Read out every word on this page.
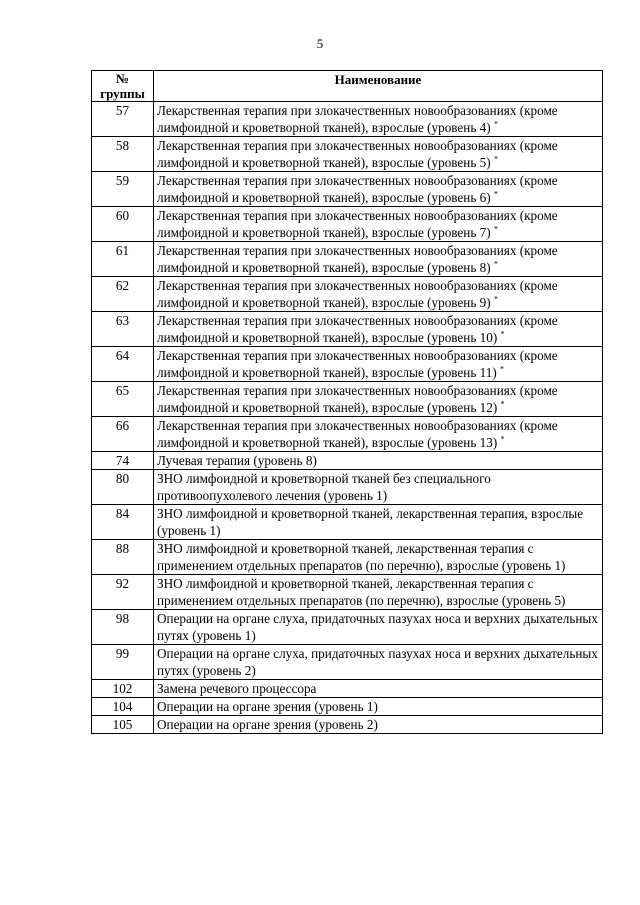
5
№
группы	Наименование
57	Лекарственная терапия при злокачественных новообразованиях (кроме лимфоидной и кроветворной тканей), взрослые (уровень 4) *
58	Лекарственная терапия при злокачественных новообразованиях (кроме лимфоидной и кроветворной тканей), взрослые (уровень 5) *
59	Лекарственная терапия при злокачественных новообразованиях (кроме лимфоидной и кроветворной тканей), взрослые (уровень 6) *
60	Лекарственная терапия при злокачественных новообразованиях (кроме лимфоидной и кроветворной тканей), взрослые (уровень 7) *
61	Лекарственная терапия при злокачественных новообразованиях (кроме лимфоидной и кроветворной тканей), взрослые (уровень 8) *
62	Лекарственная терапия при злокачественных новообразованиях (кроме лимфоидной и кроветворной тканей), взрослые (уровень 9) *
63	Лекарственная терапия при злокачественных новообразованиях (кроме лимфоидной и кроветворной тканей), взрослые (уровень 10) *
64	Лекарственная терапия при злокачественных новообразованиях (кроме лимфоидной и кроветворной тканей), взрослые (уровень 11) *
65	Лекарственная терапия при злокачественных новообразованиях (кроме лимфоидной и кроветворной тканей), взрослые (уровень 12) *
66	Лекарственная терапия при злокачественных новообразованиях (кроме лимфоидной и кроветворной тканей), взрослые (уровень 13) *
74	Лучевая терапия (уровень 8)
80	ЗНО лимфоидной и кроветворной тканей без специального противоопухолевого лечения (уровень 1)
84	ЗНО лимфоидной и кроветворной тканей, лекарственная терапия, взрослые (уровень 1)
88	ЗНО лимфоидной и кроветворной тканей, лекарственная терапия с применением отдельных препаратов (по перечню), взрослые (уровень 1)
92	ЗНО лимфоидной и кроветворной тканей, лекарственная терапия с применением отдельных препаратов (по перечню), взрослые (уровень 5)
98	Операции на органе слуха, придаточных пазухах носа и верхних дыхательных путях (уровень 1)
99	Операции на органе слуха, придаточных пазухах носа и верхних дыхательных путях (уровень 2)
102	Замена речевого процессора
104	Операции на органе зрения (уровень 1)
105	Операции на органе зрения (уровень 2)
